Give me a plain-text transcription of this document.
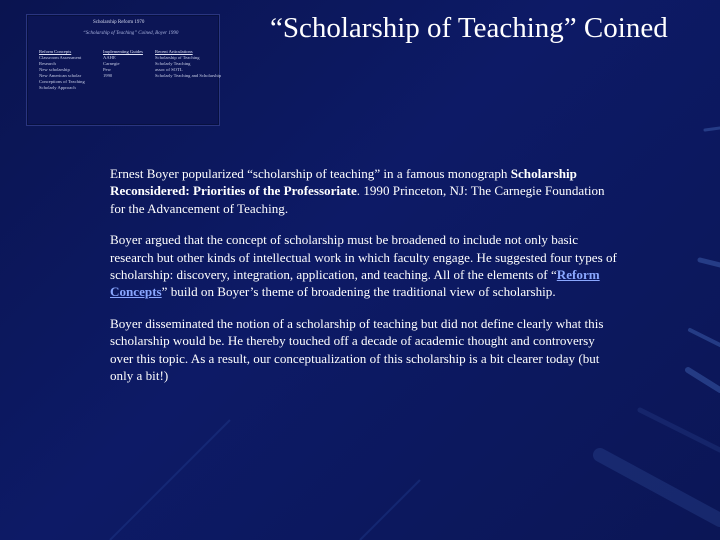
Scholarship Reform 1970
“Scholarship of Teaching” Coined, Boyer 1990
Reform Concepts
Classroom Assessment
Research
New scholarship
New American scholar
Conceptions of Teaching
Scholarly Approach
Implementing Guides
AAHE
Carnegie
Pew
1990
Recent Articulations
Scholarship of Teaching
Scholarly Teaching
assoc of SOTL
Scholarly Teaching and Scholarship
“Scholarship of Teaching” Coined

Ernest Boyer popularized “scholarship of teaching” in a famous monograph Scholarship Reconsidered: Priorities of the Professoriate. 1990 Princeton, NJ: The Carnegie Foundation for the Advancement of Teaching.

Boyer argued that the concept of scholarship must be broadened to include not only basic research but other kinds of intellectual work in which faculty engage. He suggested four types of scholarship: discovery, integration, application, and teaching. All of the elements of “Reform Concepts” build on Boyer’s theme of broadening the traditional view of scholarship.

Boyer disseminated the notion of a scholarship of teaching but did not define clearly what this scholarship would be. He thereby touched off a decade of academic thought and controversy over this topic. As a result, our conceptualization of this scholarship is a bit clearer today (but only a bit!)
